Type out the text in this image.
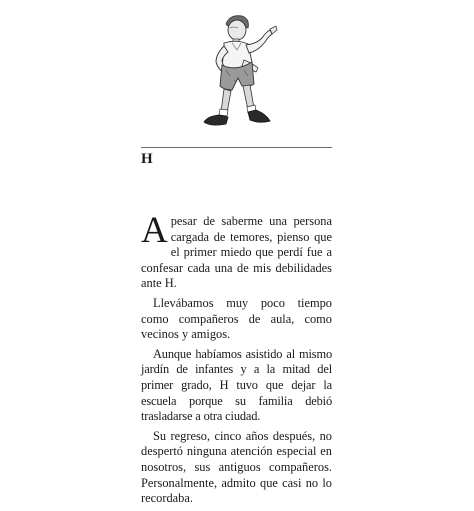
H

Apesar de saberme una persona cargada de temores, pienso que el primer miedo que perdí fue a confesar cada una de mis debilidades ante H.

Llevábamos muy poco tiempo como compañeros de aula, como vecinos y amigos.

Aunque habíamos asistido al mismo jardín de infantes y a la mitad del primer grado, H tuvo que dejar la escuela porque su familia debió trasladarse a otra ciudad.

Su regreso, cinco años después, no despertó ninguna atención especial en nosotros, sus antiguos compañeros. Personalmente, admito que casi no lo recordaba.
